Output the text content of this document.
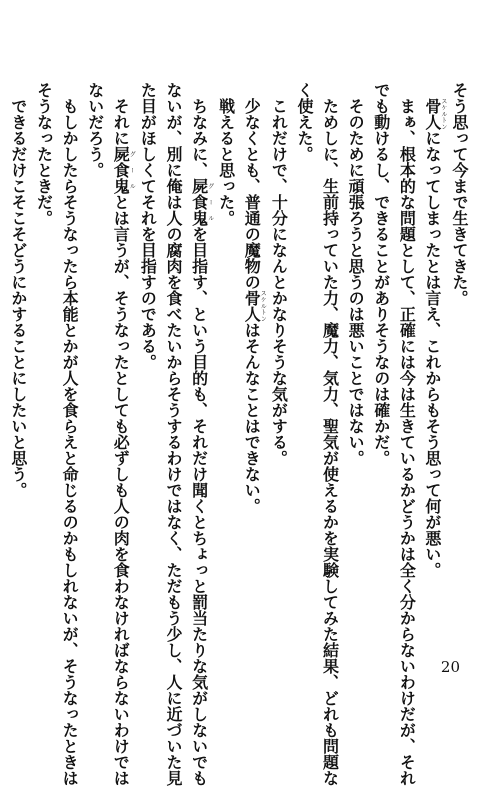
そう思って今まで生きてきた。
骨人スケルトンになってしまったとは言え、これからもそう思って何が悪い。
まぁ、根本的な問題として、正確には今は生きているかどうかは全く分からないわけだが、それ
でも動けるし、できることがありそうなのは確かだ。
そのために頑張ろうと思うのは悪いことではない。
ためしに、生前持っていた力、魔力、気力、聖気が使えるかを実験してみた結果、どれも問題な
く使えた。
これだけで、十分になんとかなりそうな気がする。
少なくとも、普通の魔物の骨人スケルトンはそんなことはできない。
戦えると思った。
ちなみに、屍食鬼グールを目指す、という目的も、それだけ聞くとちょっと罰当たりな気がしないでも
ないが、別に俺は人の腐肉を食べたいからそうするわけではなく、ただもう少し、人に近づいた見
た目がほしくてそれを目指すのである。
それに屍食鬼グールとは言うが、そうなったとしても必ずしも人の肉を食わなければならないわけでは
ないだろう。
もしかしたらそうなったら本能とかが人を食らえと命じるのかもしれないが、そうなったときは
そうなったときだ。
できるだけこそこそどうにかすることにしたいと思う。
20
